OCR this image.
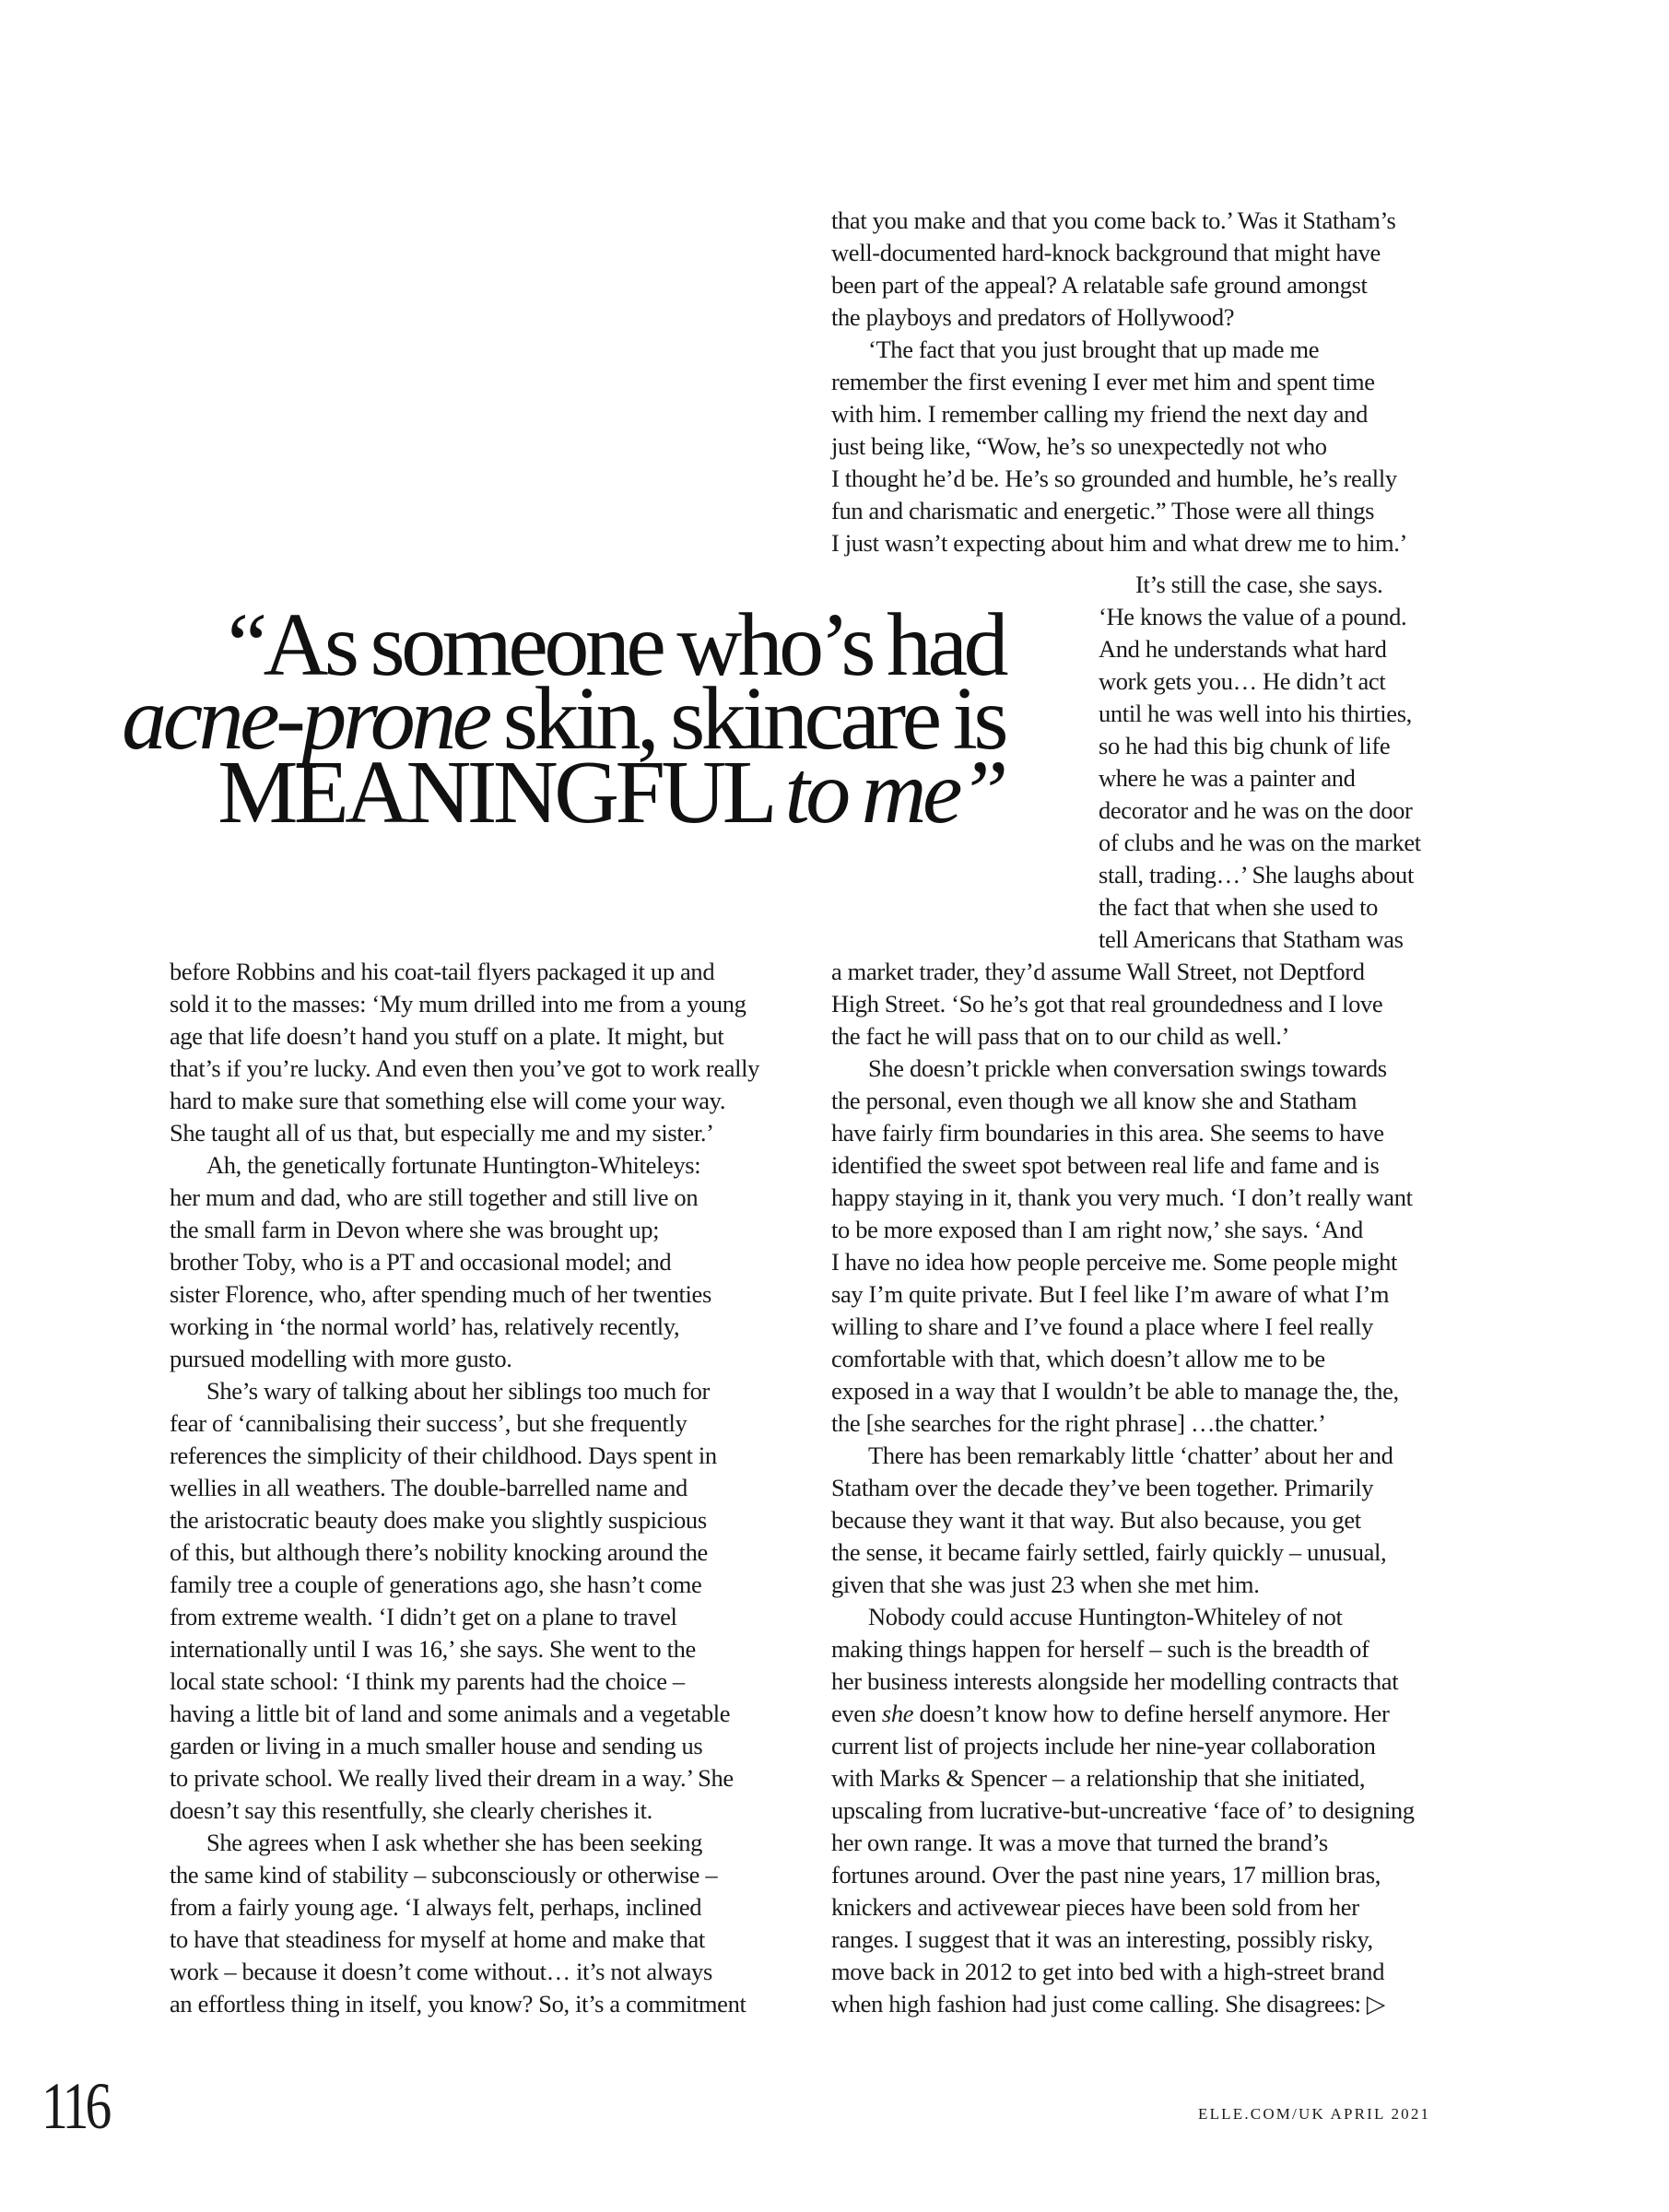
that you make and that you come back to.’ Was it Statham’s
well-documented hard-knock background that might have
been part of the appeal? A relatable safe ground amongst
the playboys and predators of Hollywood?
‘The fact that you just brought that up made me
remember the first evening I ever met him and spent time
with him. I remember calling my friend the next day and
just being like, “Wow, he’s so unexpectedly not who
I thought he’d be. He’s so grounded and humble, he’s really
fun and charismatic and energetic.” Those were all things
I just wasn’t expecting about him and what drew me to him.’
It’s still the case, she says.
‘He knows the value of a pound.
And he understands what hard
work gets you… He didn’t act
until he was well into his thirties,
so he had this big chunk of life
where he was a painter and
decorator and he was on the door
of clubs and he was on the market
stall, trading…’ She laughs about
the fact that when she used to
tell Americans that Statham was
a market trader, they’d assume Wall Street, not Deptford
High Street. ‘So he’s got that real groundedness and I love
the fact he will pass that on to our child as well.’
She doesn’t prickle when conversation swings towards
the personal, even though we all know she and Statham
have fairly firm boundaries in this area. She seems to have
identified the sweet spot between real life and fame and is
happy staying in it, thank you very much. ‘I don’t really want
to be more exposed than I am right now,’ she says. ‘And
I have no idea how people perceive me. Some people might
say I’m quite private. But I feel like I’m aware of what I’m
willing to share and I’ve found a place where I feel really
comfortable with that, which doesn’t allow me to be
exposed in a way that I wouldn’t be able to manage the, the,
the [she searches for the right phrase] …the chatter.’
There has been remarkably little ‘chatter’ about her and
Statham over the decade they’ve been together. Primarily
because they want it that way. But also because, you get
the sense, it became fairly settled, fairly quickly – unusual,
given that she was just 23 when she met him.
Nobody could accuse Huntington-Whiteley of not
making things happen for herself – such is the breadth of
her business interests alongside her modelling contracts that
even she doesn’t know how to define herself anymore. Her
current list of projects include her nine-year collaboration
with Marks & Spencer – a relationship that she initiated,
upscaling from lucrative-but-uncreative ‘face of’ to designing
her own range. It was a move that turned the brand’s
fortunes around. Over the past nine years, 17 million bras,
knickers and activewear pieces have been sold from her
ranges. I suggest that it was an interesting, possibly risky,
move back in 2012 to get into bed with a high-street brand
when high fashion had just come calling. She disagrees: ▷
before Robbins and his coat-tail flyers packaged it up and
sold it to the masses: ‘My mum drilled into me from a young
age that life doesn’t hand you stuff on a plate. It might, but
that’s if you’re lucky. And even then you’ve got to work really
hard to make sure that something else will come your way.
She taught all of us that, but especially me and my sister.’
Ah, the genetically fortunate Huntington-Whiteleys:
her mum and dad, who are still together and still live on
the small farm in Devon where she was brought up;
brother Toby, who is a PT and occasional model; and
sister Florence, who, after spending much of her twenties
working in ‘the normal world’ has, relatively recently,
pursued modelling with more gusto.
She’s wary of talking about her siblings too much for
fear of ‘cannibalising their success’, but she frequently
references the simplicity of their childhood. Days spent in
wellies in all weathers. The double-barrelled name and
the aristocratic beauty does make you slightly suspicious
of this, but although there’s nobility knocking around the
family tree a couple of generations ago, she hasn’t come
from extreme wealth. ‘I didn’t get on a plane to travel
internationally until I was 16,’ she says. She went to the
local state school: ‘I think my parents had the choice –
having a little bit of land and some animals and a vegetable
garden or living in a much smaller house and sending us
to private school. We really lived their dream in a way.’ She
doesn’t say this resentfully, she clearly cherishes it.
She agrees when I ask whether she has been seeking
the same kind of stability – subconsciously or otherwise –
from a fairly young age. ‘I always felt, perhaps, inclined
to have that steadiness for myself at home and make that
work – because it doesn’t come without… it’s not always
an effortless thing in itself, you know? So, it’s a commitment
“As someone who’s had
acne-prone skin, skincare is
MEANINGFUL to me”
116	ELLE.COM/UK APRIL 2021
